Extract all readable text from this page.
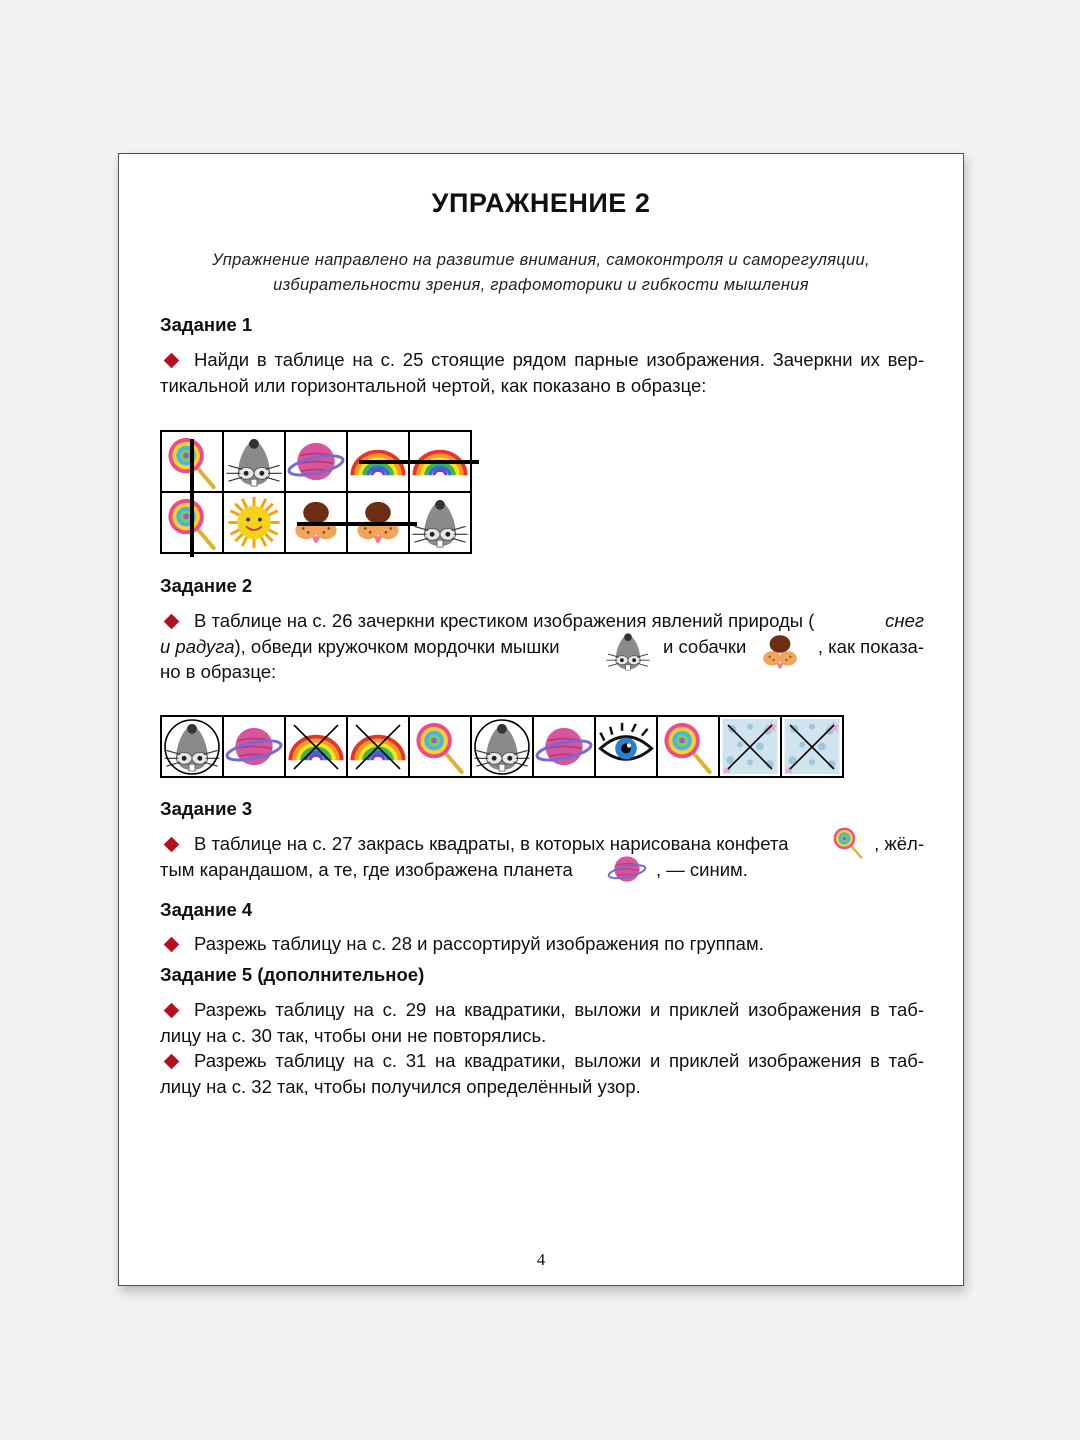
УПРАЖНЕНИЕ 2
Упражнение направлено на развитие внимания, самоконтроля и саморегуляции,
избирательности зрения, графомоторики и гибкости мышления
Задание 1
Найди в таблице на с. 25 стоящие рядом парные изображения. Зачеркни их вер-
тикальной или горизонтальной чертой, как показано в образце:

Задание 2
В таблице на с. 26 зачеркни крестиком изображения явлений природы (	снег
и радуга), обведи кружочком мордочки мышки	и собачки	, как показа-
но в образце:

Задание 3
В таблице на с. 27 закрась квадраты, в которых нарисована конфета	, жёл-
тым карандашом, а те, где изображена планета	, — синим.
Задание 4
Разрежь таблицу на с. 28 и рассортируй изображения по группам.
Задание 5 (дополнительное)
Разрежь таблицу на с. 29 на квадратики, выложи и приклей изображения в таб-
лицу на с. 30 так, чтобы они не повторялись.
Разрежь таблицу на с. 31 на квадратики, выложи и приклей изображения в таб-
лицу на с. 32 так, чтобы получился определённый узор.
4
